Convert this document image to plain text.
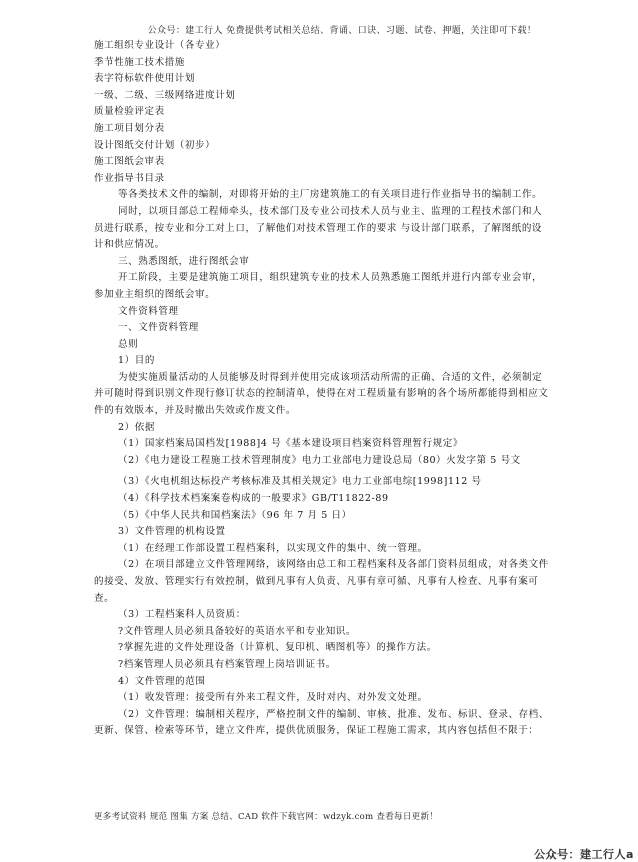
公众号：建工行人 免费提供考试相关总结、背诵、口诀、习题、试卷、押题，关注即可下载！

施工组织专业设计（各专业）

季节性施工技术措施

表字符标软件使用计划

一级、二级、三级网络进度计划

质量检验评定表

施工项目划分表

设计图纸交付计划（初步）

施工图纸会审表

作业指导书目录

等各类技术文件的编制，对即将开始的主厂房建筑施工的有关项目进行作业指导书的编制工作。

同时，以项目部总工程师牵头，技术部门及专业公司技术人员与业主、监理的工程技术部门和人员进行联系，按专业和分工对上口，了解他们对技术管理工作的要求 与设计部门联系，了解图纸的设计和供应情况。

三、熟悉图纸，进行图纸会审

开工阶段，主要是建筑施工项目，组织建筑专业的技术人员熟悉施工图纸并进行内部专业会审，参加业主组织的图纸会审。

文件资料管理

一、文件资料管理

总则

1）目的

为使实施质量活动的人员能够及时得到并使用完成该项活动所需的正确、合适的文件，必须制定并可随时得到识别文件现行修订状态的控制清单，使得在对工程质量有影响的各个场所都能得到相应文件的有效版本，并及时撤出失效或作废文件。

2）依据

（1）国家档案局国档发[1988]4 号《基本建设项目档案资料管理暂行规定》

（2）《电力建设工程施工技术管理制度》电力工业部电力建设总局（80）火发字第 5 号文

（3）《火电机组达标投产考核标准及其相关规定》电力工业部电综[1998]112 号

（4）《科学技术档案案卷构成的一般要求》GB/T11822-89

（5）《中华人民共和国档案法》（96 年 7 月 5 日）

3）文件管理的机构设置

（1）在经理工作部设置工程档案科，以实现文件的集中、统一管理。

（2）在项目部建立文件管理网络，该网络由总工和工程档案科及各部门资料员组成，对各类文件的接受、发放、管理实行有效控制，做到凡事有人负责、凡事有章可循、凡事有人检查、凡事有案可查。

（3）工程档案科人员资质：

?文件管理人员必须具备较好的英语水平和专业知识。

?掌握先进的文件处理设备（计算机、复印机、晒图机等）的操作方法。

?档案管理人员必须具有档案管理上岗培训证书。

4）文件管理的范围

（1）收发管理：接受所有外来工程文件，及时对内、对外发文处理。

（2）文件管理：编制相关程序，严格控制文件的编制、审核、批准、发布、标识、登录、存档、更新、保管、检索等环节，建立文件库，提供优质服务，保证工程施工需求，其内容包括但不限于：

更多考试资料 规范 图集 方案 总结、CAD 软件下载官网：wdzyk.com 查看每日更新！
公众号：建工行人a
